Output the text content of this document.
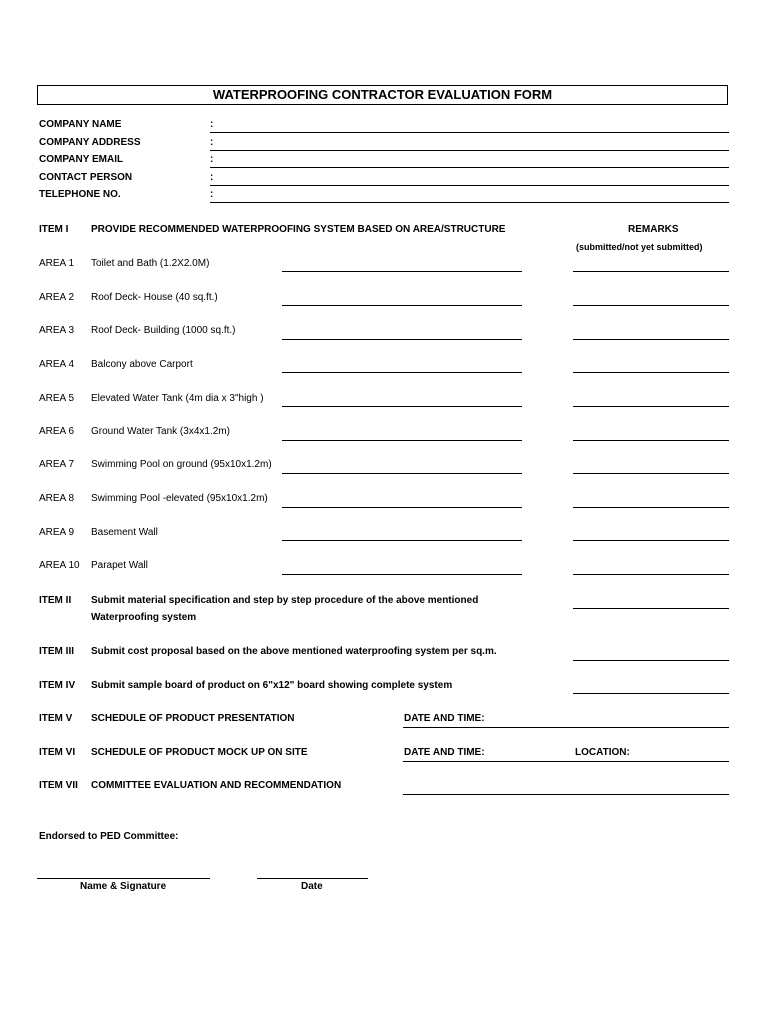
WATERPROOFING CONTRACTOR EVALUATION FORM
COMPANY NAME	:
COMPANY ADDRESS	:
COMPANY EMAIL	:
CONTACT PERSON	:
TELEPHONE NO.	:
ITEM I PROVIDE RECOMMENDED WATERPROOFING SYSTEM BASED ON AREA/STRUCTURE	REMARKS
(submitted/not yet submitted)
AREA 1 Toilet and Bath (1.2X2.0M)
AREA 2 Roof Deck- House (40 sq.ft.)
AREA 3 Roof Deck- Building (1000 sq.ft.)
AREA 4 Balcony above Carport
AREA 5 Elevated Water Tank (4m dia x 3"high )
AREA 6 Ground Water Tank (3x4x1.2m)
AREA 7 Swimming Pool on ground (95x10x1.2m)
AREA 8 Swimming Pool -elevated (95x10x1.2m)
AREA 9 Basement Wall
AREA 10 Parapet Wall
ITEM II Submit material specification and step by step procedure of the above mentioned
Waterproofing system
ITEM III Submit cost proposal based on the above mentioned waterproofing system per sq.m.
ITEM IV Submit sample board of product on 6"x12" board showing complete system
ITEM V SCHEDULE OF PRODUCT PRESENTATION	DATE AND TIME:
ITEM VI SCHEDULE OF PRODUCT MOCK UP ON SITE	DATE AND TIME:	LOCATION:
ITEM VII COMMITTEE EVALUATION AND RECOMMENDATION
Endorsed to PED Committee:
Name & Signature	Date
